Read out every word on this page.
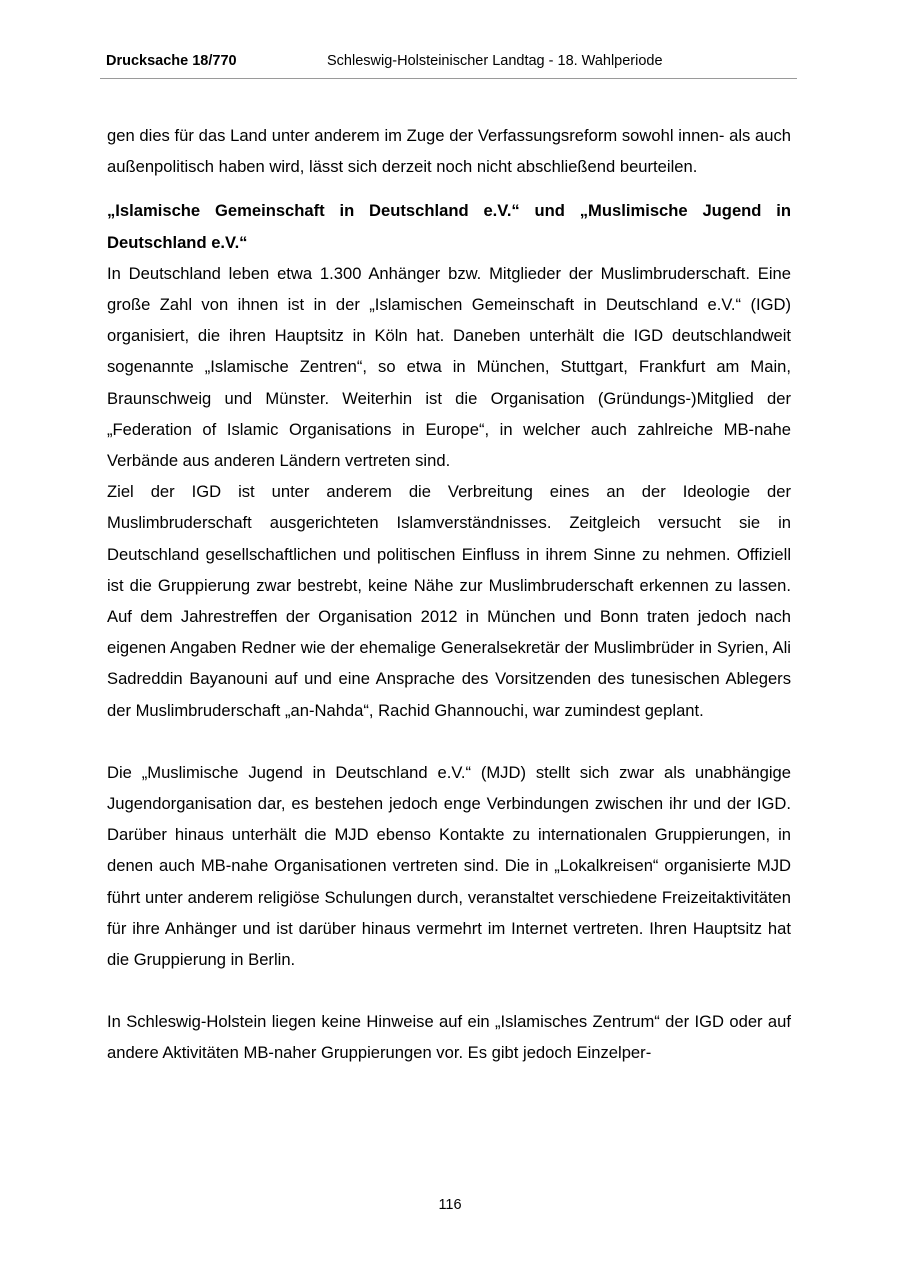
Drucksache 18/770	Schleswig-Holsteinischer Landtag - 18. Wahlperiode

gen dies für das Land unter anderem im Zuge der Verfassungsreform sowohl innen- als auch außenpolitisch haben wird, lässt sich derzeit noch nicht abschließend beurteilen.

„Islamische Gemeinschaft in Deutschland e.V.“ und „Muslimische Jugend in Deutschland e.V.“

In Deutschland leben etwa 1.300 Anhänger bzw. Mitglieder der Muslimbruderschaft. Eine große Zahl von ihnen ist in der „Islamischen Gemeinschaft in Deutschland e.V.“ (IGD) organisiert, die ihren Hauptsitz in Köln hat. Daneben unterhält die IGD deutschlandweit sogenannte „Islamische Zentren“, so etwa in München, Stuttgart, Frankfurt am Main, Braunschweig und Münster. Weiterhin ist die Organisation (Gründungs-)Mitglied der „Federation of Islamic Organisations in Europe“, in welcher auch zahlreiche MB-nahe Verbände aus anderen Ländern vertreten sind.

Ziel der IGD ist unter anderem die Verbreitung eines an der Ideologie der Muslimbruderschaft ausgerichteten Islamverständnisses. Zeitgleich versucht sie in Deutschland gesellschaftlichen und politischen Einfluss in ihrem Sinne zu nehmen. Offiziell ist die Gruppierung zwar bestrebt, keine Nähe zur Muslimbruderschaft erkennen zu lassen. Auf dem Jahrestreffen der Organisation 2012 in München und Bonn traten jedoch nach eigenen Angaben Redner wie der ehemalige Generalsekretär der Muslimbrüder in Syrien, Ali Sadreddin Bayanouni auf und eine Ansprache des Vorsitzenden des tunesischen Ablegers der Muslimbruderschaft „an-Nahda“, Rachid Ghannouchi, war zumindest geplant.

Die „Muslimische Jugend in Deutschland e.V.“ (MJD) stellt sich zwar als unabhängige Jugendorganisation dar, es bestehen jedoch enge Verbindungen zwischen ihr und der IGD. Darüber hinaus unterhält die MJD ebenso Kontakte zu internationalen Gruppierungen, in denen auch MB-nahe Organisationen vertreten sind. Die in „Lokalkreisen“ organisierte MJD führt unter anderem religiöse Schulungen durch, veranstaltet verschiedene Freizeitaktivitäten für ihre Anhänger und ist darüber hinaus vermehrt im Internet vertreten. Ihren Hauptsitz hat die Gruppierung in Berlin.

In Schleswig-Holstein liegen keine Hinweise auf ein „Islamisches Zentrum“ der IGD oder auf andere Aktivitäten MB-naher Gruppierungen vor. Es gibt jedoch Einzelper-

116
